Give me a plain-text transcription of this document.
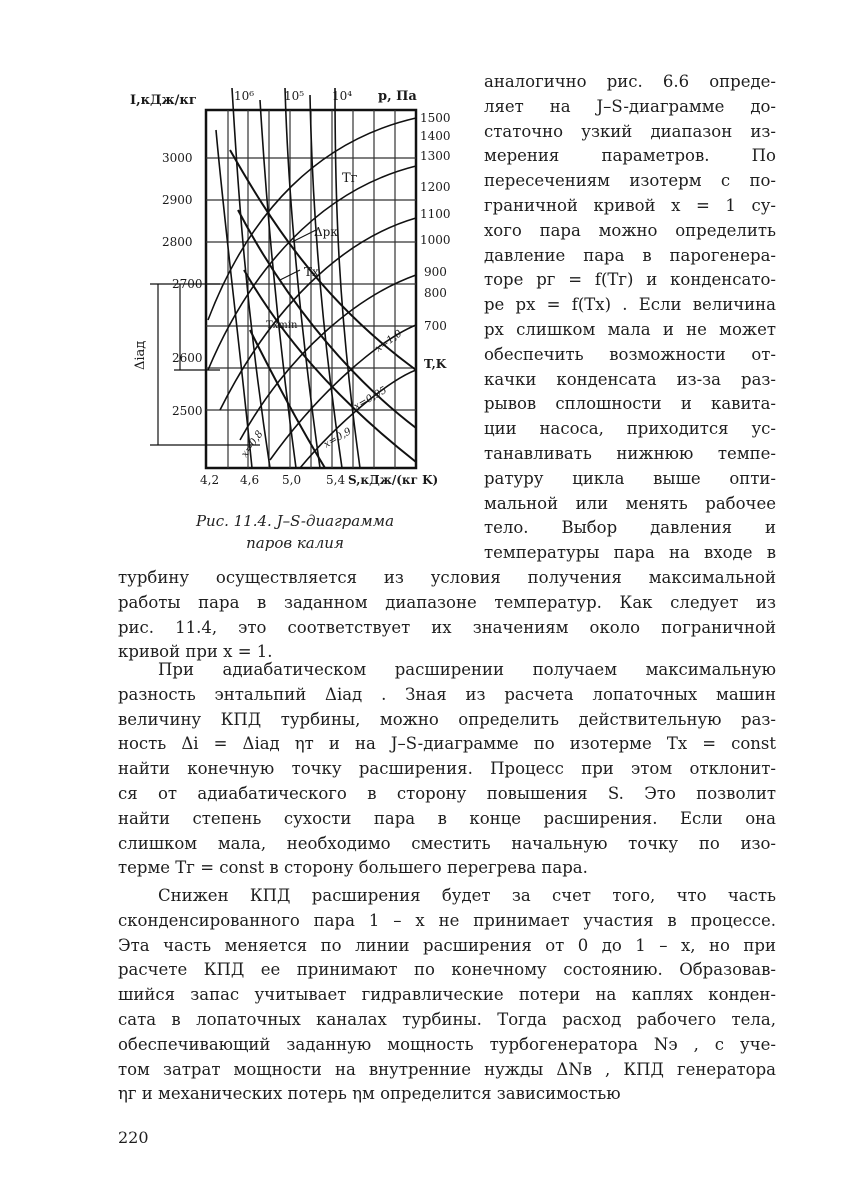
I,кДж/кг	p, Па
10⁶ 10⁵ 10⁴
3000
2900
2800
2700
2600
2500
1500
1400
1300
1200
1100
1000
900
800
700
T,K
4,2 4,6 5,0 5,4 S,кДж/(кг K)
Tг
Δpк
Tх
Tхmin
x=1,0
x=0,95
x=0,9
x=0,8
Δiад
Рис. 11.4. J–S-диаграмма
паров калия

аналогично рис. 6.6 опреде-

ляет на J–S-диаграмме до-

статочно узкий диапазон из-

мерения параметров. По

пересечениям изотерм с по-

граничной кривой x = 1 су-

хого пара можно определить

давление пара в парогенера-

торе pг = f(Tг) и конденсато-

ре pх = f(Tх) . Если величина

pх слишком мала и не может

обеспечить возможности от-

качки конденсата из-за раз-

рывов сплошности и кавита-

ции насоса, приходится ус-

танавливать нижнюю темпе-

ратуру цикла выше опти-

мальной или менять рабочее

тело. Выбор давления и

температуры пара на входе в

турбину осуществляется из условия получения максимальной

работы пара в заданном диапазоне температур. Как следует из

рис. 11.4, это соответствует их значениям около пограничной

кривой при x = 1.

При адиабатическом расширении получаем максимальную

разность энтальпий Δiад . Зная из расчета лопаточных машин

величину КПД турбины, можно определить действительную раз-

ность Δi = Δiад ηт и на J–S-диаграмме по изотерме Tх = const

найти конечную точку расширения. Процесс при этом отклонит-

ся от адиабатического в сторону повышения S. Это позволит

найти степень сухости пара в конце расширения. Если она

слишком мала, необходимо сместить начальную точку по изо-

терме Tг = const в сторону большего перегрева пара.

Снижен КПД расширения будет за счет того, что часть

сконденсированного пара 1 – x не принимает участия в процессе.

Эта часть меняется по линии расширения от 0 до 1 – x, но при

расчете КПД ее принимают по конечному состоянию. Образовав-

шийся запас учитывает гидравлические потери на каплях конден-

сата в лопаточных каналах турбины. Тогда расход рабочего тела,

обеспечивающий заданную мощность турбогенератора Nэ , с уче-

том затрат мощности на внутренние нужды ΔNв , КПД генератора

ηг и механических потерь ηм определится зависимостью

220
